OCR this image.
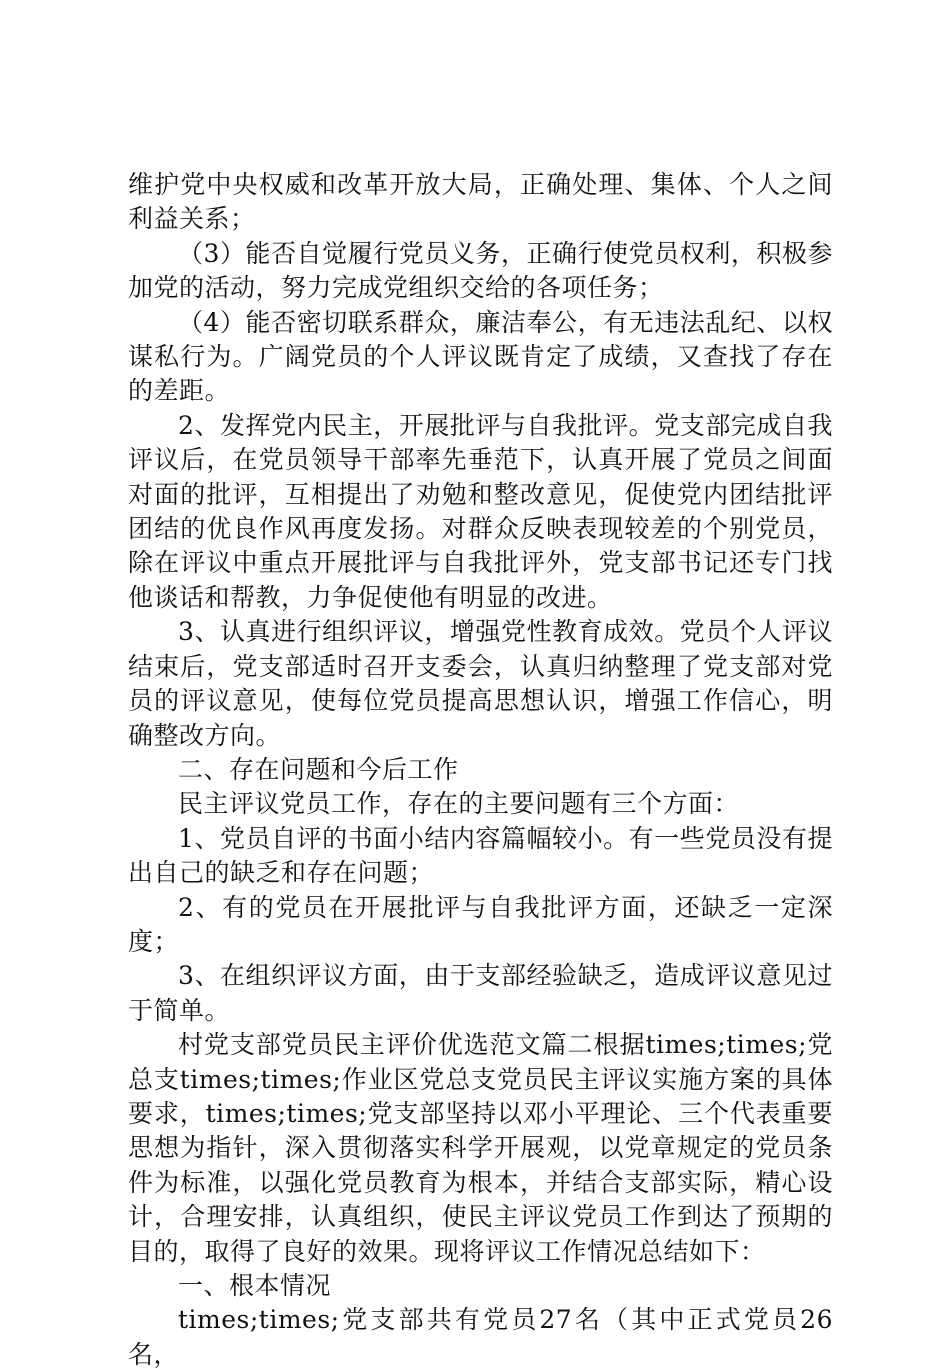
维护党中央权威和改革开放大局，正确处理、集体、个人之间利益关系；

（3）能否自觉履行党员义务，正确行使党员权利，积极参加党的活动，努力完成党组织交给的各项任务；

（4）能否密切联系群众，廉洁奉公，有无违法乱纪、以权谋私行为。广阔党员的个人评议既肯定了成绩，又查找了存在的差距。

2、发挥党内民主，开展批评与自我批评。党支部完成自我评议后，在党员领导干部率先垂范下，认真开展了党员之间面对面的批评，互相提出了劝勉和整改意见，促使党内团结批评团结的优良作风再度发扬。对群众反映表现较差的个别党员，除在评议中重点开展批评与自我批评外，党支部书记还专门找他谈话和帮教，力争促使他有明显的改进。

3、认真进行组织评议，增强党性教育成效。党员个人评议结束后，党支部适时召开支委会，认真归纳整理了党支部对党员的评议意见，使每位党员提高思想认识，增强工作信心，明确整改方向。

二、存在问题和今后工作

民主评议党员工作，存在的主要问题有三个方面：

1、党员自评的书面小结内容篇幅较小。有一些党员没有提出自己的缺乏和存在问题；

2、有的党员在开展批评与自我批评方面，还缺乏一定深度；

3、在组织评议方面，由于支部经验缺乏，造成评议意见过于简单。

村党支部党员民主评价优选范文篇二根据times;times;党总支times;times;作业区党总支党员民主评议实施方案的具体要求，times;times;党支部坚持以邓小平理论、三个代表重要思想为指针，深入贯彻落实科学开展观，以党章规定的党员条件为标准，以强化党员教育为根本，并结合支部实际，精心设计，合理安排，认真组织，使民主评议党员工作到达了预期的目的，取得了良好的效果。现将评议工作情况总结如下：

一、根本情况

times;times;党支部共有党员27名（其中正式党员26名，
